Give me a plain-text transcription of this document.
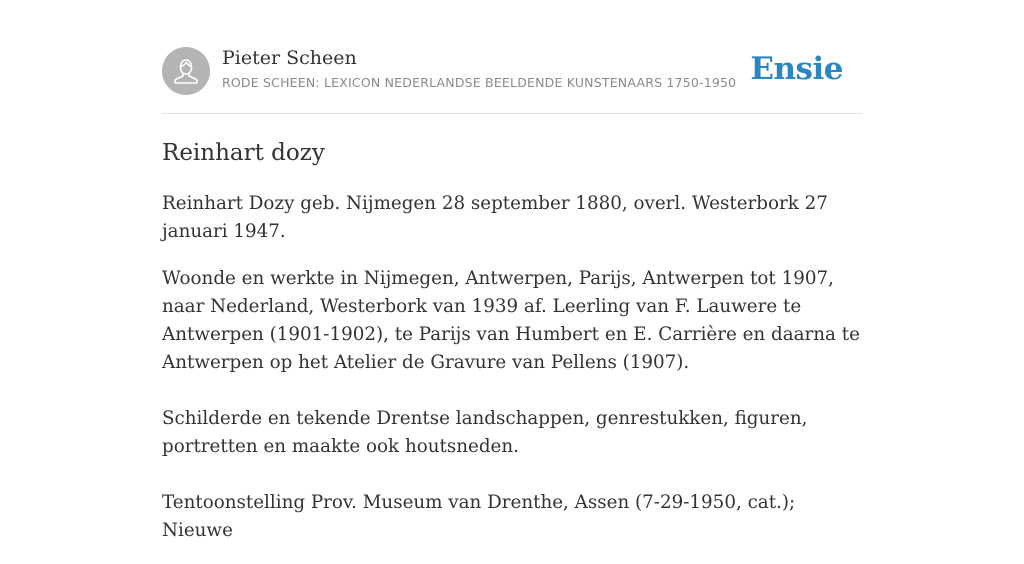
Pieter Scheen
RODE SCHEEN: LEXICON NEDERLANDSE BEELDENDE KUNSTENAARS 1750-1950 Ensie
Reinhart dozy

Reinhart Dozy geb. Nijmegen 28 september 1880, overl. Westerbork 27 januari 1947.

Woonde en werkte in Nijmegen, Antwerpen, Parijs, Antwerpen tot 1907, naar Nederland, Westerbork van 1939 af. Leerling van F. Lauwere te Antwerpen (1901-1902), te Parijs van Humbert en E. Carrière en daarna te Antwerpen op het Atelier de Gravure van Pellens (1907).

Schilderde en tekende Drentse landschappen, genrestukken, figuren, portretten en maakte ook houtsneden.

Tentoonstelling Prov. Museum van Drenthe, Assen (7-29-1950, cat.); Nieuwe
